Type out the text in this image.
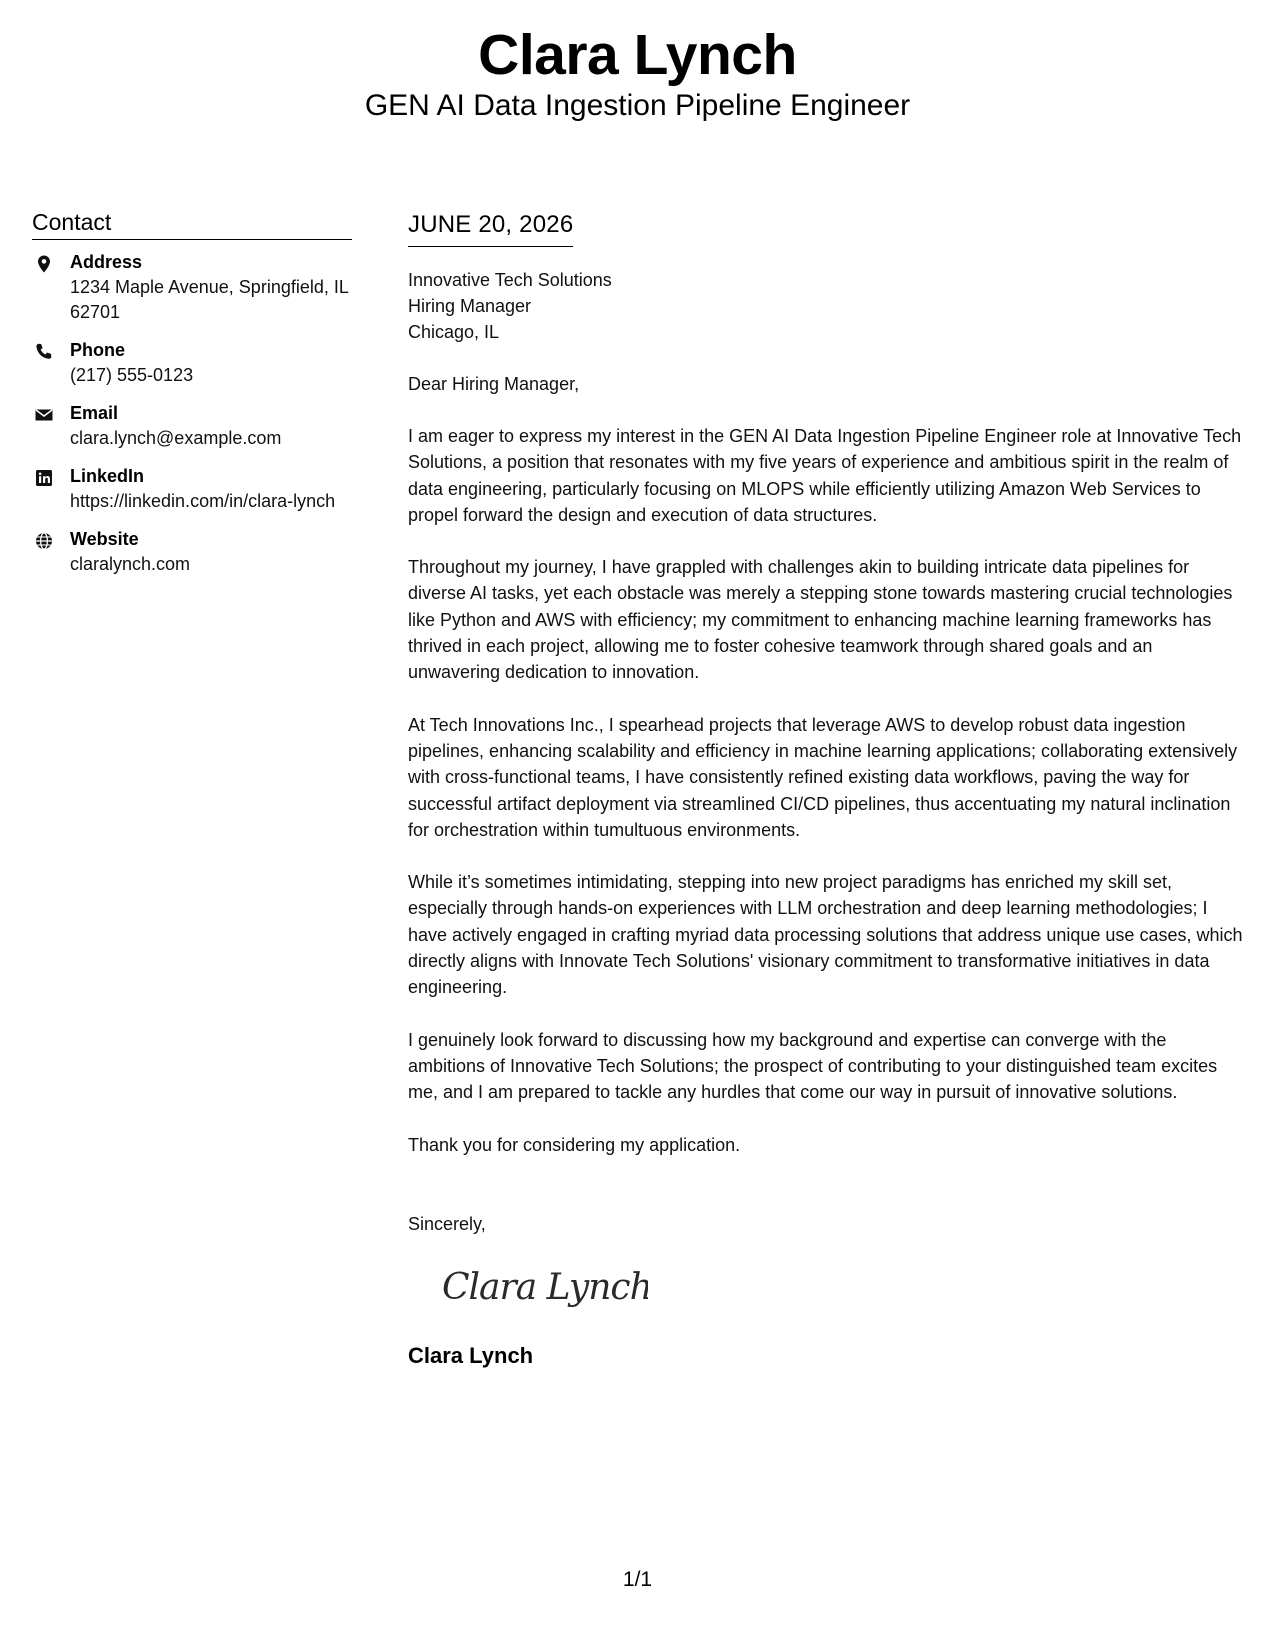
Clara Lynch
GEN AI Data Ingestion Pipeline Engineer
Contact
Address
1234 Maple Avenue, Springfield, IL 62701
Phone
(217) 555-0123
Email
clara.lynch@example.com
LinkedIn
https://linkedin.com/in/clara-lynch
Website
claralynch.com
JUNE 20, 2026
Innovative Tech Solutions
Hiring Manager
Chicago, IL
Dear Hiring Manager,

I am eager to express my interest in the GEN AI Data Ingestion Pipeline Engineer role at Innovative Tech Solutions, a position that resonates with my five years of experience and ambitious spirit in the realm of data engineering, particularly focusing on MLOPS while efficiently utilizing Amazon Web Services to propel forward the design and execution of data structures.

Throughout my journey, I have grappled with challenges akin to building intricate data pipelines for diverse AI tasks, yet each obstacle was merely a stepping stone towards mastering crucial technologies like Python and AWS with efficiency; my commitment to enhancing machine learning frameworks has thrived in each project, allowing me to foster cohesive teamwork through shared goals and an unwavering dedication to innovation.

At Tech Innovations Inc., I spearhead projects that leverage AWS to develop robust data ingestion pipelines, enhancing scalability and efficiency in machine learning applications; collaborating extensively with cross-functional teams, I have consistently refined existing data workflows, paving the way for successful artifact deployment via streamlined CI/CD pipelines, thus accentuating my natural inclination for orchestration within tumultuous environments.

While it’s sometimes intimidating, stepping into new project paradigms has enriched my skill set, especially through hands-on experiences with LLM orchestration and deep learning methodologies; I have actively engaged in crafting myriad data processing solutions that address unique use cases, which directly aligns with Innovate Tech Solutions' visionary commitment to transformative initiatives in data engineering.

I genuinely look forward to discussing how my background and expertise can converge with the ambitions of Innovative Tech Solutions; the prospect of contributing to your distinguished team excites me, and I am prepared to tackle any hurdles that come our way in pursuit of innovative solutions.

Thank you for considering my application.

Sincerely,
Clara Lynch
Clara Lynch
1/1
